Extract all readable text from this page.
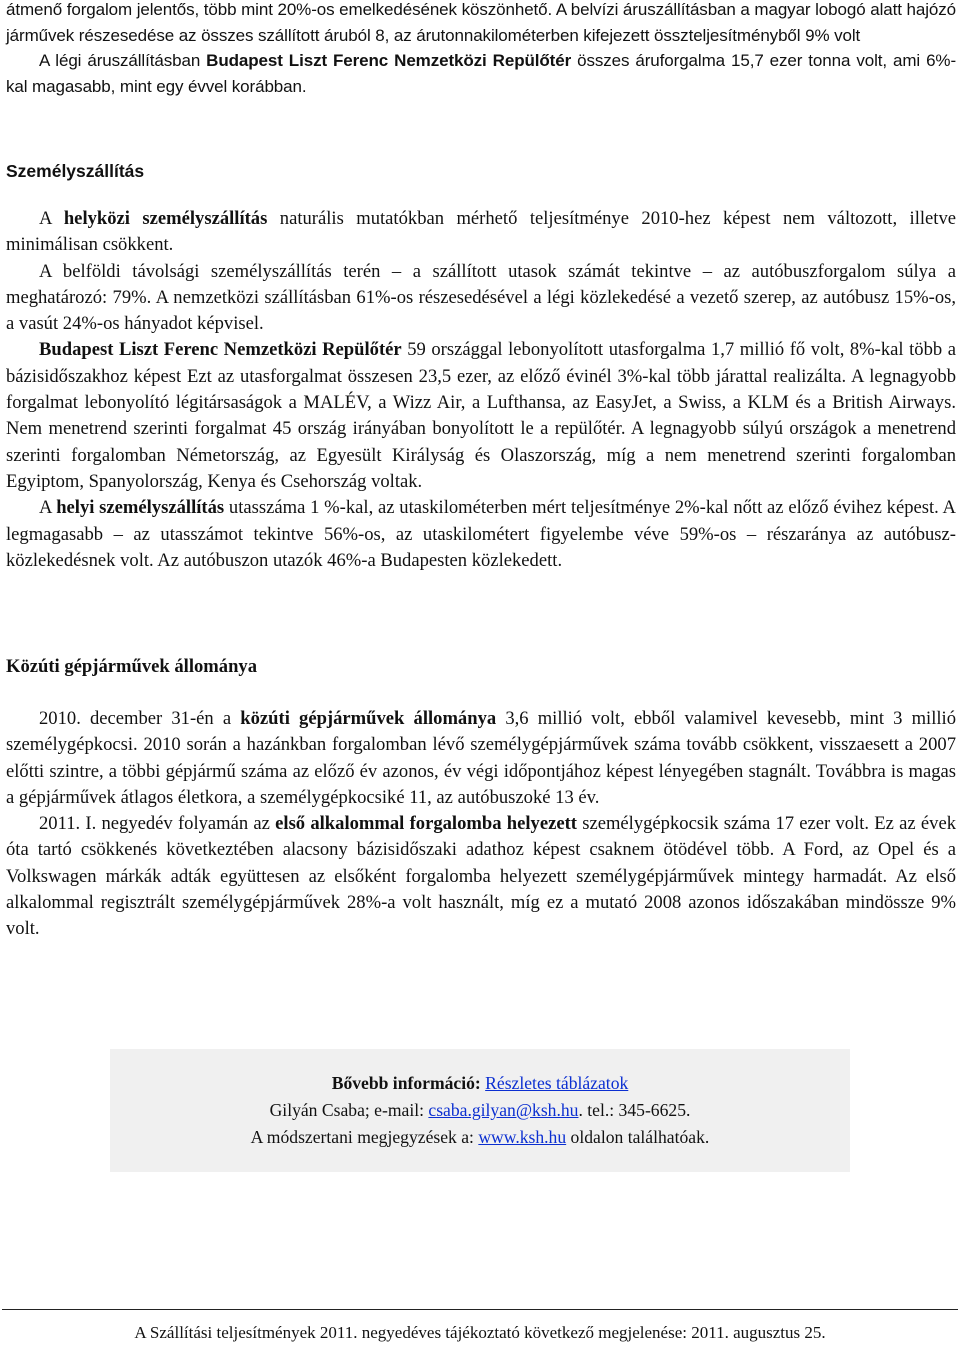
átmenő forgalom jelentős, több mint 20%-os emelkedésének köszönhető. A belvízi áruszállításban a magyar lobogó alatt hajózó járművek részesedése az összes szállított áruból 8, az árutonnakilométerben kifejezett összteljesítményből 9% volt

A légi áruszállításban Budapest Liszt Ferenc Nemzetközi Repülőtér összes áruforgalma 15,7 ezer tonna volt, ami 6%-kal magasabb, mint egy évvel korábban.

Személyszállítás

A helyközi személyszállítás naturális mutatókban mérhető teljesítménye 2010-hez képest nem változott, illetve minimálisan csökkent.

A belföldi távolsági személyszállítás terén – a szállított utasok számát tekintve – az autóbuszforgalom súlya a meghatározó: 79%. A nemzetközi szállításban 61%-os részesedésével a légi közlekedésé a vezető szerep, az autóbusz 15%-os, a vasút 24%-os hányadot képvisel.

Budapest Liszt Ferenc Nemzetközi Repülőtér 59 országgal lebonyolított utasforgalma 1,7 millió fő volt, 8%-kal több a bázisidőszakhoz képest Ezt az utasforgalmat összesen 23,5 ezer, az előző évinél 3%-kal több járattal realizálta. A legnagyobb forgalmat lebonyolító légitársaságok a MALÉV, a Wizz Air, a Lufthansa, az EasyJet, a Swiss, a KLM és a British Airways. Nem menetrend szerinti forgalmat 45 ország irányában bonyolított le a repülőtér. A legnagyobb súlyú országok a menetrend szerinti forgalomban Németország, az Egyesült Királyság és Olaszország, míg a nem menetrend szerinti forgalomban Egyiptom, Spanyolország, Kenya és Csehország voltak.

A helyi személyszállítás utasszáma 1 %-kal, az utaskilométerben mért teljesítménye 2%-kal nőtt az előző évihez képest. A legmagasabb – az utasszámot tekintve 56%-os, az utaskilométert figyelembe véve 59%-os – részaránya az autóbusz-közlekedésnek volt. Az autóbuszon utazók 46%-a Budapesten közlekedett.

Közúti gépjárművek állománya

2010. december 31-én a közúti gépjárművek állománya 3,6 millió volt, ebből valamivel kevesebb, mint 3 millió személygépkocsi. 2010 során a hazánkban forgalomban lévő személygépjárművek száma tovább csökkent, visszaesett a 2007 előtti szintre, a többi gépjármű száma az előző év azonos, év végi időpontjához képest lényegében stagnált. Továbbra is magas a gépjárművek átlagos életkora, a személygépkocsiké 11, az autóbuszoké 13 év.

2011. I. negyedév folyamán az első alkalommal forgalomba helyezett személygépkocsik száma 17 ezer volt. Ez az évek óta tartó csökkenés következtében alacsony bázisidőszaki adathoz képest csaknem ötödével több. A Ford, az Opel és a Volkswagen márkák adták együttesen az elsőként forgalomba helyezett személygépjárművek mintegy harmadát. Az első alkalommal regisztrált személygépjárművek 28%-a volt használt, míg ez a mutató 2008 azonos időszakában mindössze 9% volt.

Bővebb információ: Részletes táblázatok
Gilyán Csaba; e-mail: csaba.gilyan@ksh.hu. tel.: 345-6625.
A módszertani megjegyzések a: www.ksh.hu oldalon találhatóak.
A Szállítási teljesítmények 2011. negyedéves tájékoztató következő megjelenése: 2011. augusztus 25.
